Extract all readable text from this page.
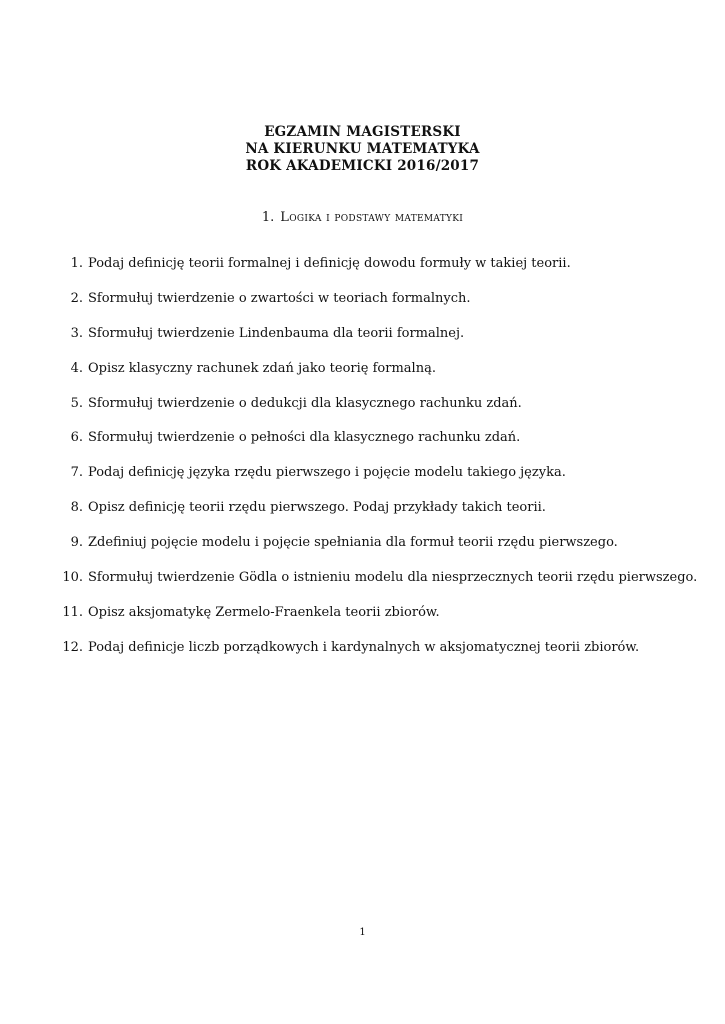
EGZAMIN MAGISTERSKI
NA KIERUNKU MATEMATYKA
ROK AKADEMICKI 2016/2017
1. Logika i podstawy matematyki
1. Podaj definicję teorii formalnej i definicję dowodu formuły w takiej teorii.
2. Sformułuj twierdzenie o zwartości w teoriach formalnych.
3. Sformułuj twierdzenie Lindenbauma dla teorii formalnej.
4. Opisz klasyczny rachunek zdań jako teorię formalną.
5. Sformułuj twierdzenie o dedukcji dla klasycznego rachunku zdań.
6. Sformułuj twierdzenie o pełności dla klasycznego rachunku zdań.
7. Podaj definicję języka rzędu pierwszego i pojęcie modelu takiego języka.
8. Opisz definicję teorii rzędu pierwszego. Podaj przykłady takich teorii.
9. Zdefiniuj pojęcie modelu i pojęcie spełniania dla formuł teorii rzędu pierwszego.
10. Sformułuj twierdzenie Gödla o istnieniu modelu dla niesprzecznych teorii rzędu pierwszego.
11. Opisz aksjomatykę Zermelo-Fraenkela teorii zbiorów.
12. Podaj definicje liczb porządkowych i kardynalnych w aksjomatycznej teorii zbiorów.
1
